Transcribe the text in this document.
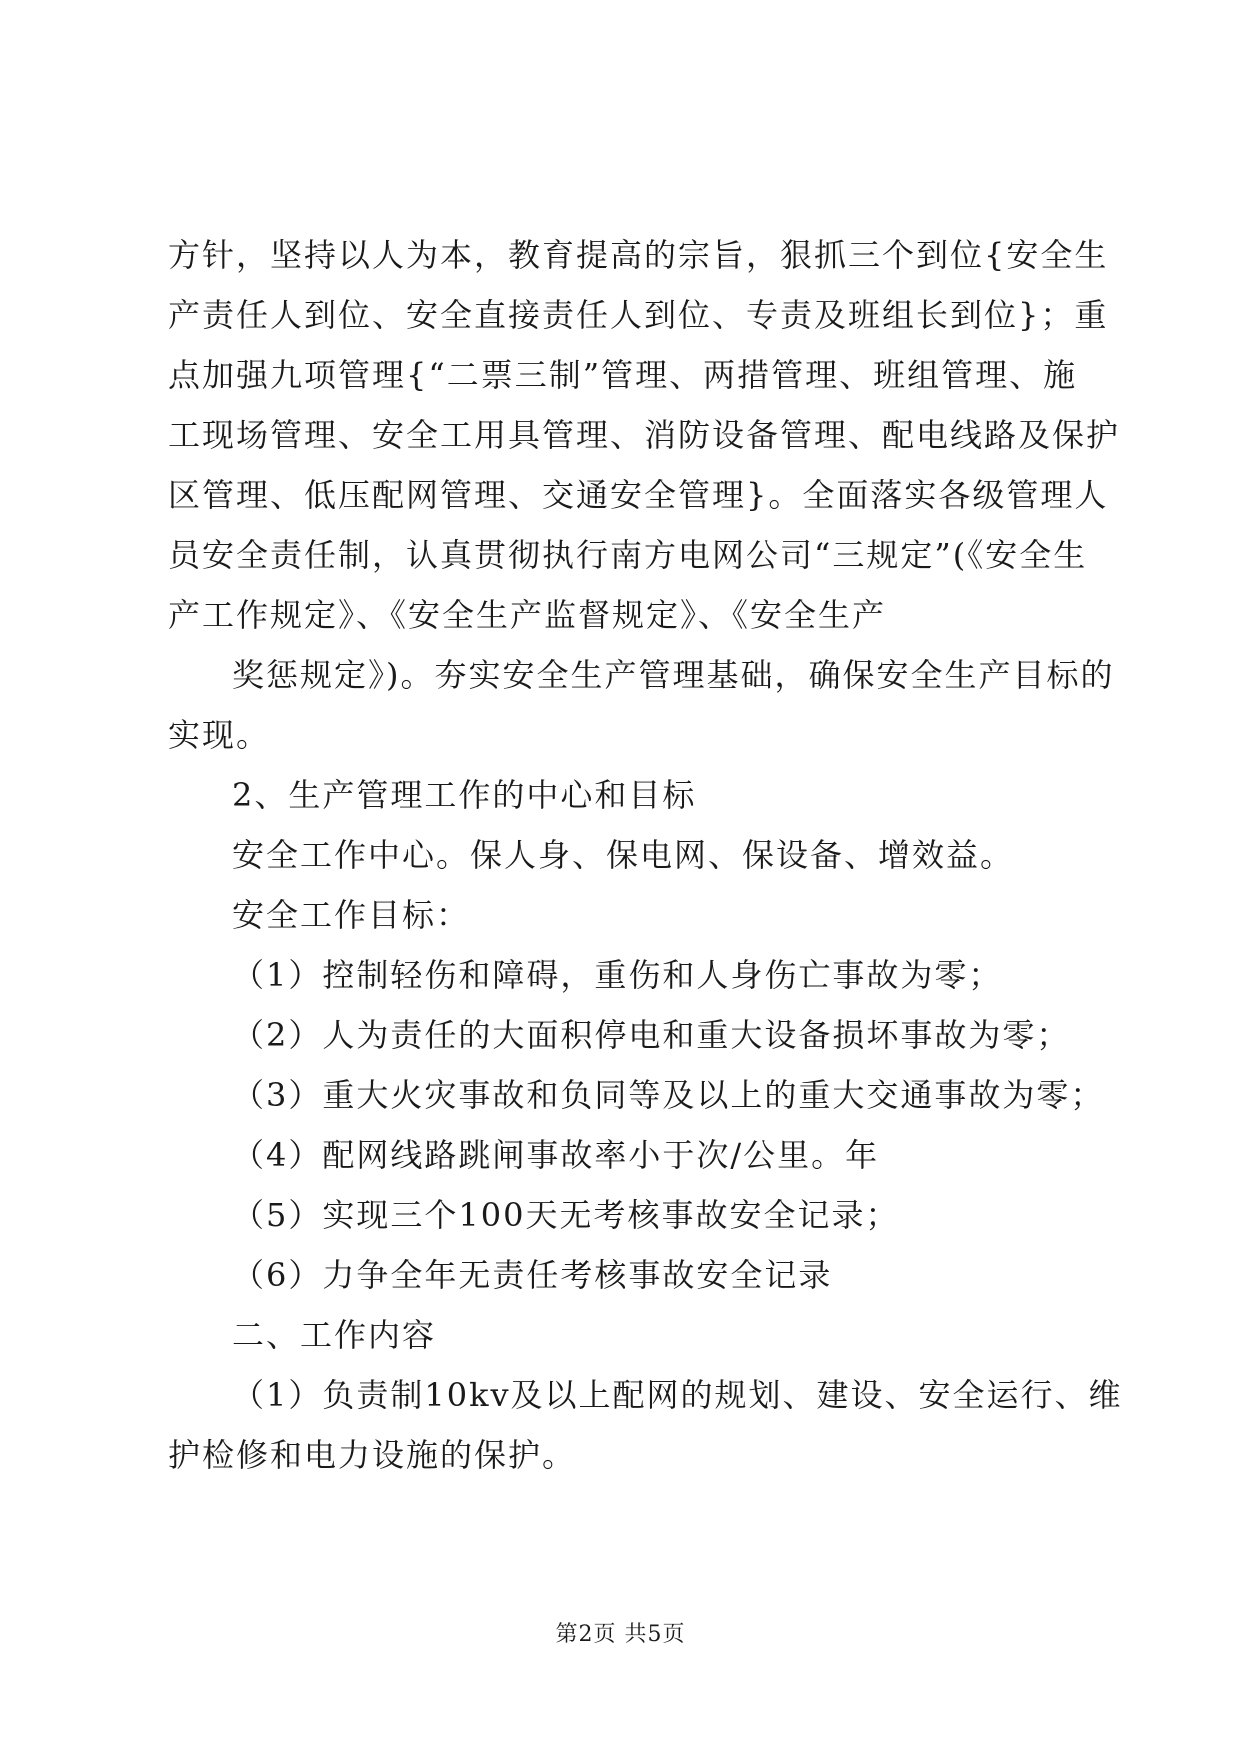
方针，坚持以人为本，教育提高的宗旨，狠抓三个到位{安全生
产责任人到位、安全直接责任人到位、专责及班组长到位}；重
点加强九项管理{“二票三制”管理、两措管理、班组管理、施
工现场管理、安全工用具管理、消防设备管理、配电线路及保护
区管理、低压配网管理、交通安全管理}。全面落实各级管理人
员安全责任制，认真贯彻执行南方电网公司“三规定”(《安全生
产工作规定》、《安全生产监督规定》、《安全生产
奖惩规定》)。夯实安全生产管理基础，确保安全生产目标的
实现。
2、生产管理工作的中心和目标
安全工作中心。保人身、保电网、保设备、增效益。
安全工作目标：
（1）控制轻伤和障碍，重伤和人身伤亡事故为零；
（2）人为责任的大面积停电和重大设备损坏事故为零；
（3）重大火灾事故和负同等及以上的重大交通事故为零；
（4）配网线路跳闸事故率小于次/公里。年
（5）实现三个100天无考核事故安全记录；
（6）力争全年无责任考核事故安全记录
二、工作内容
（1）负责制10kv及以上配网的规划、建设、安全运行、维
护检修和电力设施的保护。
第2页 共5页
